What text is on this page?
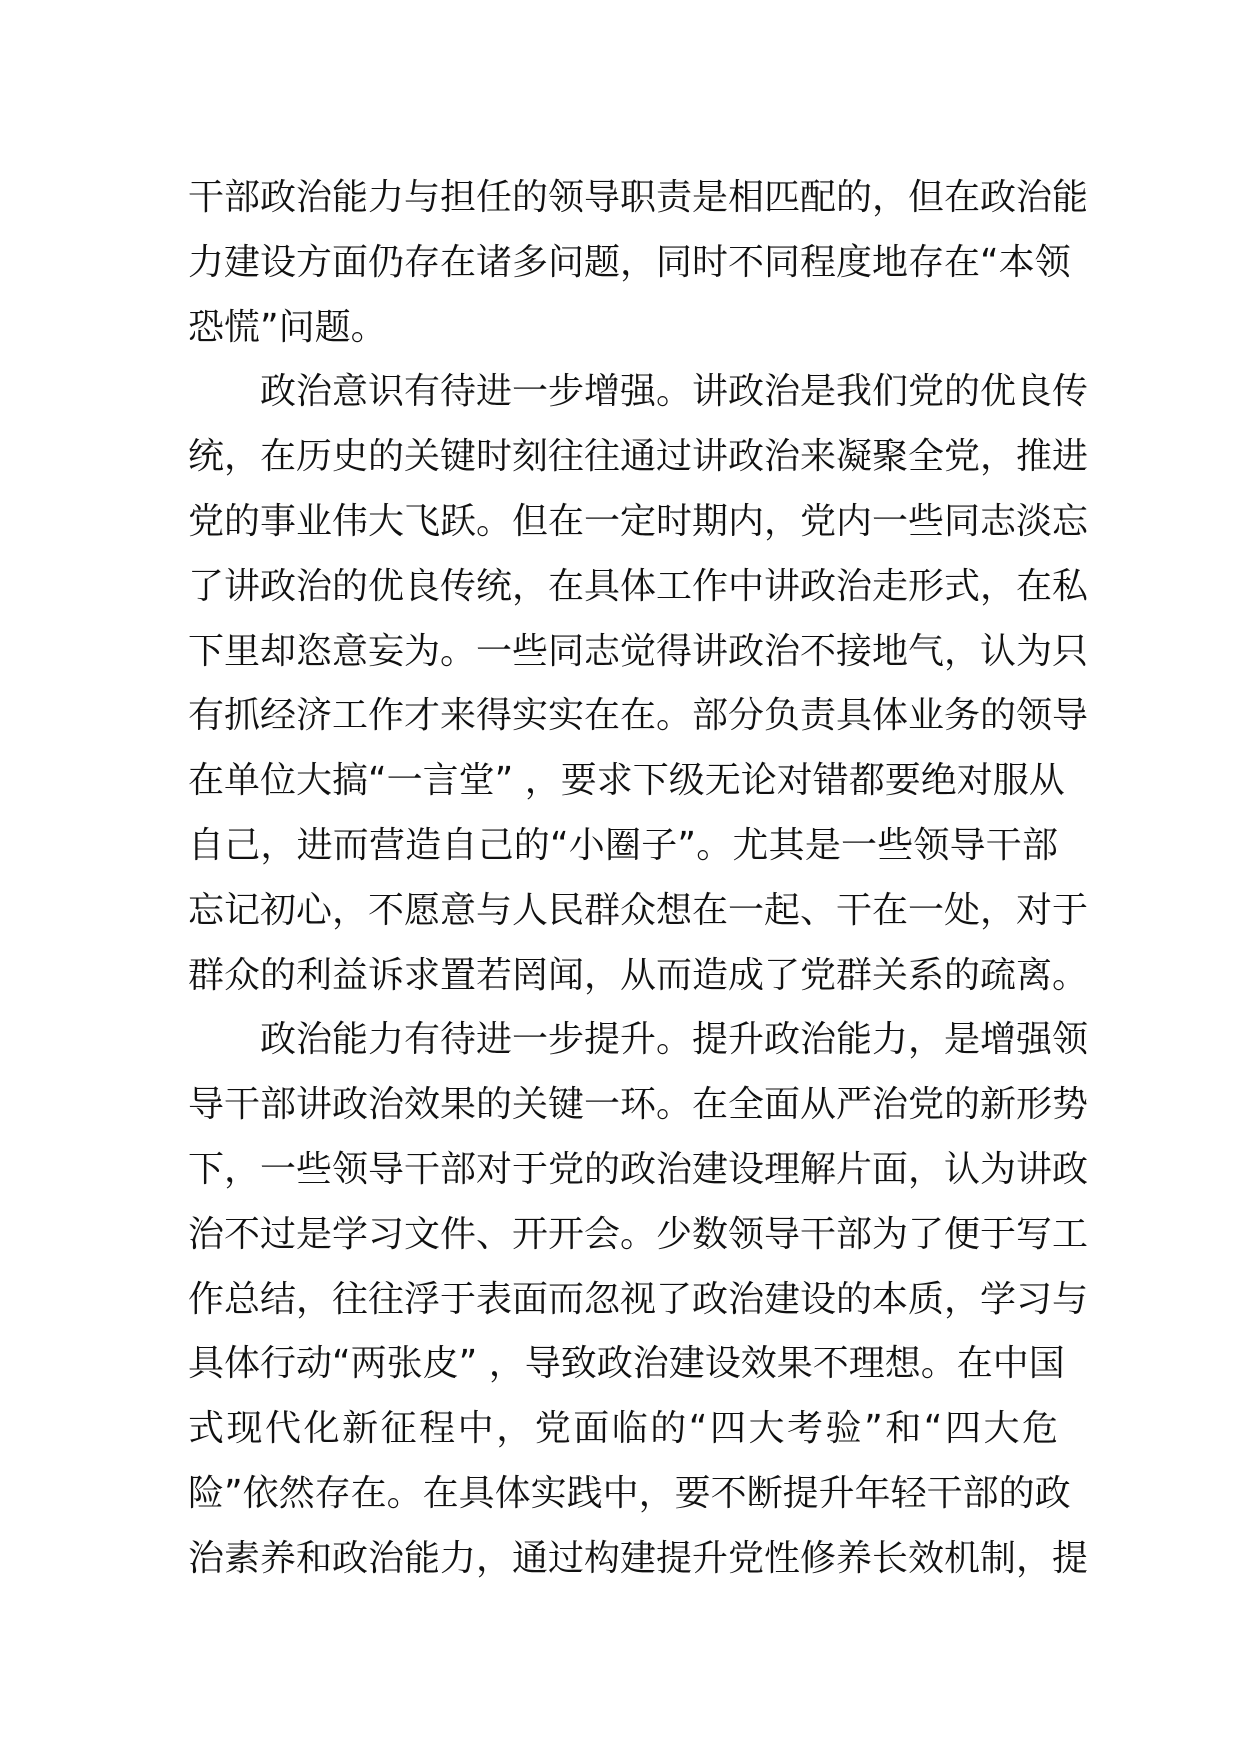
干部政治能力与担任的领导职责是相匹配的，但在政治能
力建设方面仍存在诸多问题，同时不同程度地存在“本领
恐慌”问题。
政治意识有待进一步增强。讲政治是我们党的优良传
统，在历史的关键时刻往往通过讲政治来凝聚全党，推进
党的事业伟大飞跃。但在一定时期内，党内一些同志淡忘
了讲政治的优良传统，在具体工作中讲政治走形式，在私
下里却恣意妄为。一些同志觉得讲政治不接地气，认为只
有抓经济工作才来得实实在在。部分负责具体业务的领导
在单位大搞“一言堂” ，要求下级无论对错都要绝对服从
自己，进而营造自己的“小圈子”。尤其是一些领导干部
忘记初心，不愿意与人民群众想在一起、干在一处，对于
群众的利益诉求置若罔闻，从而造成了党群关系的疏离。
政治能力有待进一步提升。提升政治能力，是增强领
导干部讲政治效果的关键一环。在全面从严治党的新形势
下，一些领导干部对于党的政治建设理解片面，认为讲政
治不过是学习文件、开开会。少数领导干部为了便于写工
作总结，往往浮于表面而忽视了政治建设的本质，学习与
具体行动“两张皮” ，导致政治建设效果不理想。在中国
式现代化新征程中，党面临的“四大考验”和“四大危
险”依然存在。在具体实践中，要不断提升年轻干部的政
治素养和政治能力，通过构建提升党性修养长效机制，提
